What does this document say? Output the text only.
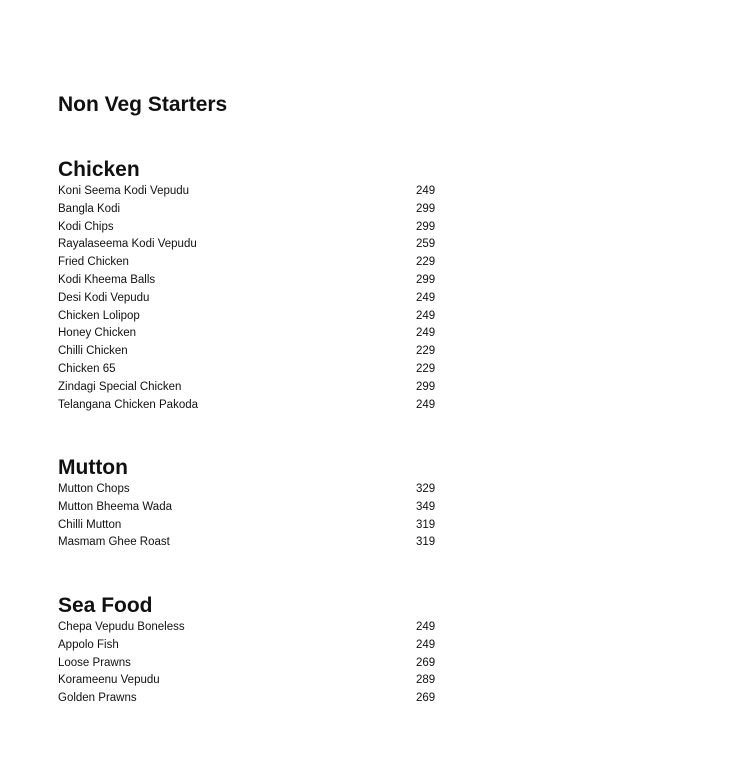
Non Veg Starters
Chicken
Koni Seema Kodi Vepudu	249
Bangla Kodi	299
Kodi Chips	299
Rayalaseema Kodi Vepudu	259
Fried Chicken	229
Kodi Kheema Balls	299
Desi Kodi Vepudu	249
Chicken Lolipop	249
Honey Chicken	249
Chilli Chicken	229
Chicken 65	229
Zindagi Special Chicken	299
Telangana Chicken Pakoda	249
Mutton
Mutton Chops	329
Mutton Bheema Wada	349
Chilli Mutton	319
Masmam Ghee Roast	319
Sea Food
Chepa Vepudu Boneless	249
Appolo Fish	249
Loose Prawns	269
Korameenu Vepudu	289
Golden Prawns	269
